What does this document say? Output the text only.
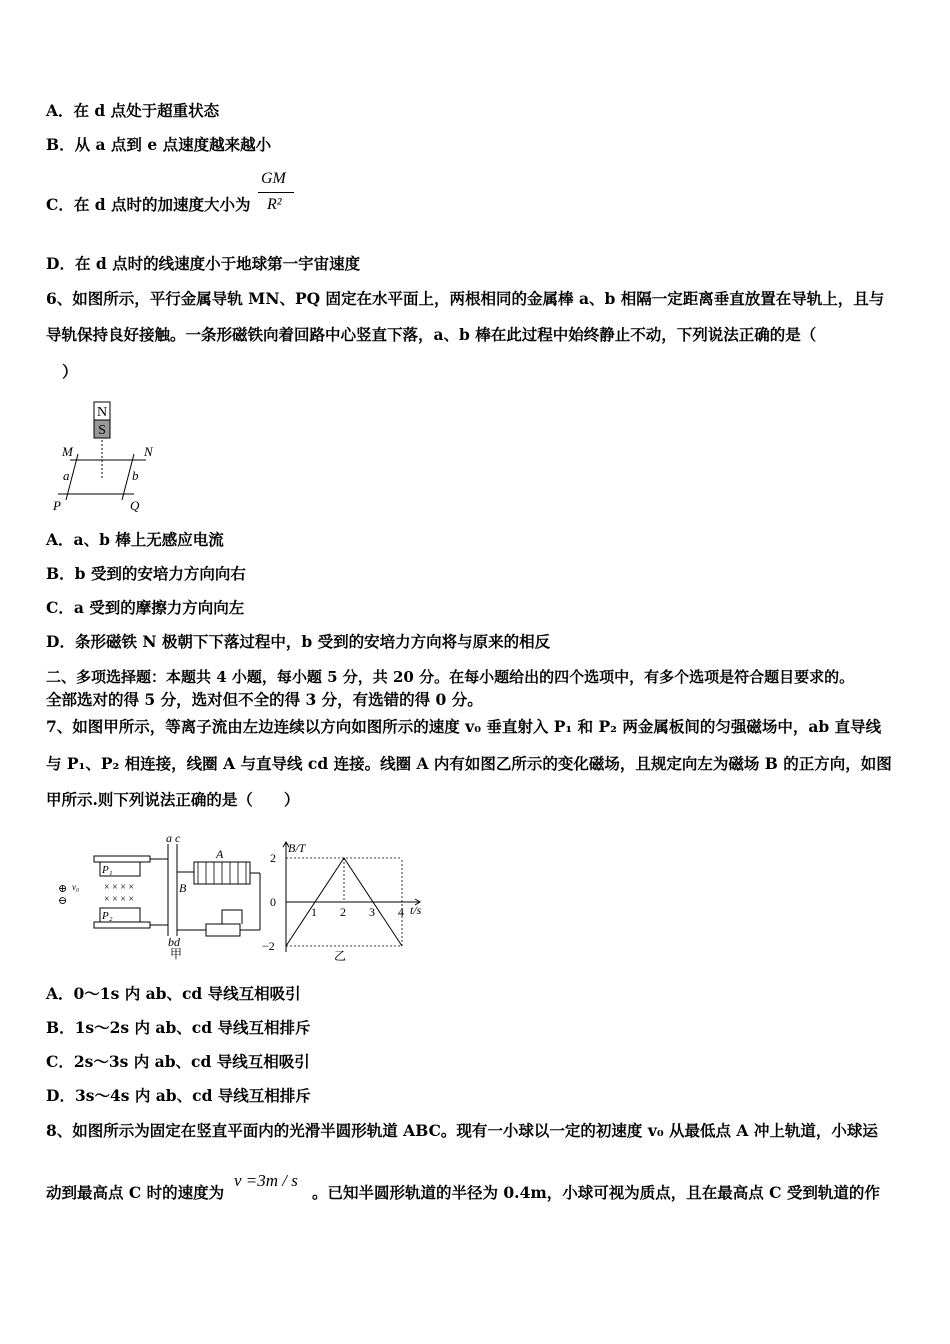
A．在 d 点处于超重状态
B．从 a 点到 e 点速度越来越小
C．在 d 点时的加速度大小为
GM
R²
D．在 d 点时的线速度小于地球第一宇宙速度
6、如图所示，平行金属导轨 MN、PQ 固定在水平面上，两根相同的金属棒 a、b 相隔一定距离垂直放置在导轨上，且与
导轨保持良好接触。一条形磁铁向着回路中心竖直下落，a、b 棒在此过程中始终静止不动，下列说法正确的是（
）
N
S
M	N
a	b
P	Q
A．a、b 棒上无感应电流
B．b 受到的安培力方向向右
C．a 受到的摩擦力方向向左
D．条形磁铁 N 极朝下下落过程中，b 受到的安培力方向将与原来的相反
二、多项选择题：本题共 4 小题，每小题 5 分，共 20 分。在每小题给出的四个选项中，有多个选项是符合题目要求的。
全部选对的得 5 分，选对但不全的得 3 分，有选错的得 0 分。
7、如图甲所示，等离子流由左边连续以方向如图所示的速度 v₀ 垂直射入 P₁ 和 P₂ 两金属板间的匀强磁场中，ab 直导线
与 P₁、P₂ 相连接，线圈 A 与直导线 cd 连接。线圈 A 内有如图乙所示的变化磁场，且规定向左为磁场 B 的正方向，如图
甲所示.则下列说法正确的是（　　）
a c
P₁
P₂
⊕
⊖
v₀ × × × ×
× × × ×
A
B
bd
甲
B/T
t/s
1 2 3 4
−2
0
2
乙
A．0～1s 内 ab、cd 导线互相吸引
B．1s～2s 内 ab、cd 导线互相排斥
C．2s～3s 内 ab、cd 导线互相吸引
D．3s～4s 内 ab、cd 导线互相排斥
8、如图所示为固定在竖直平面内的光滑半圆形轨道 ABC。现有一小球以一定的初速度 v₀ 从最低点 A 冲上轨道，小球运
动到最高点 C 时的速度为
v =3m / s
。已知半圆形轨道的半径为 0.4m，小球可视为质点，且在最高点 C 受到轨道的作
